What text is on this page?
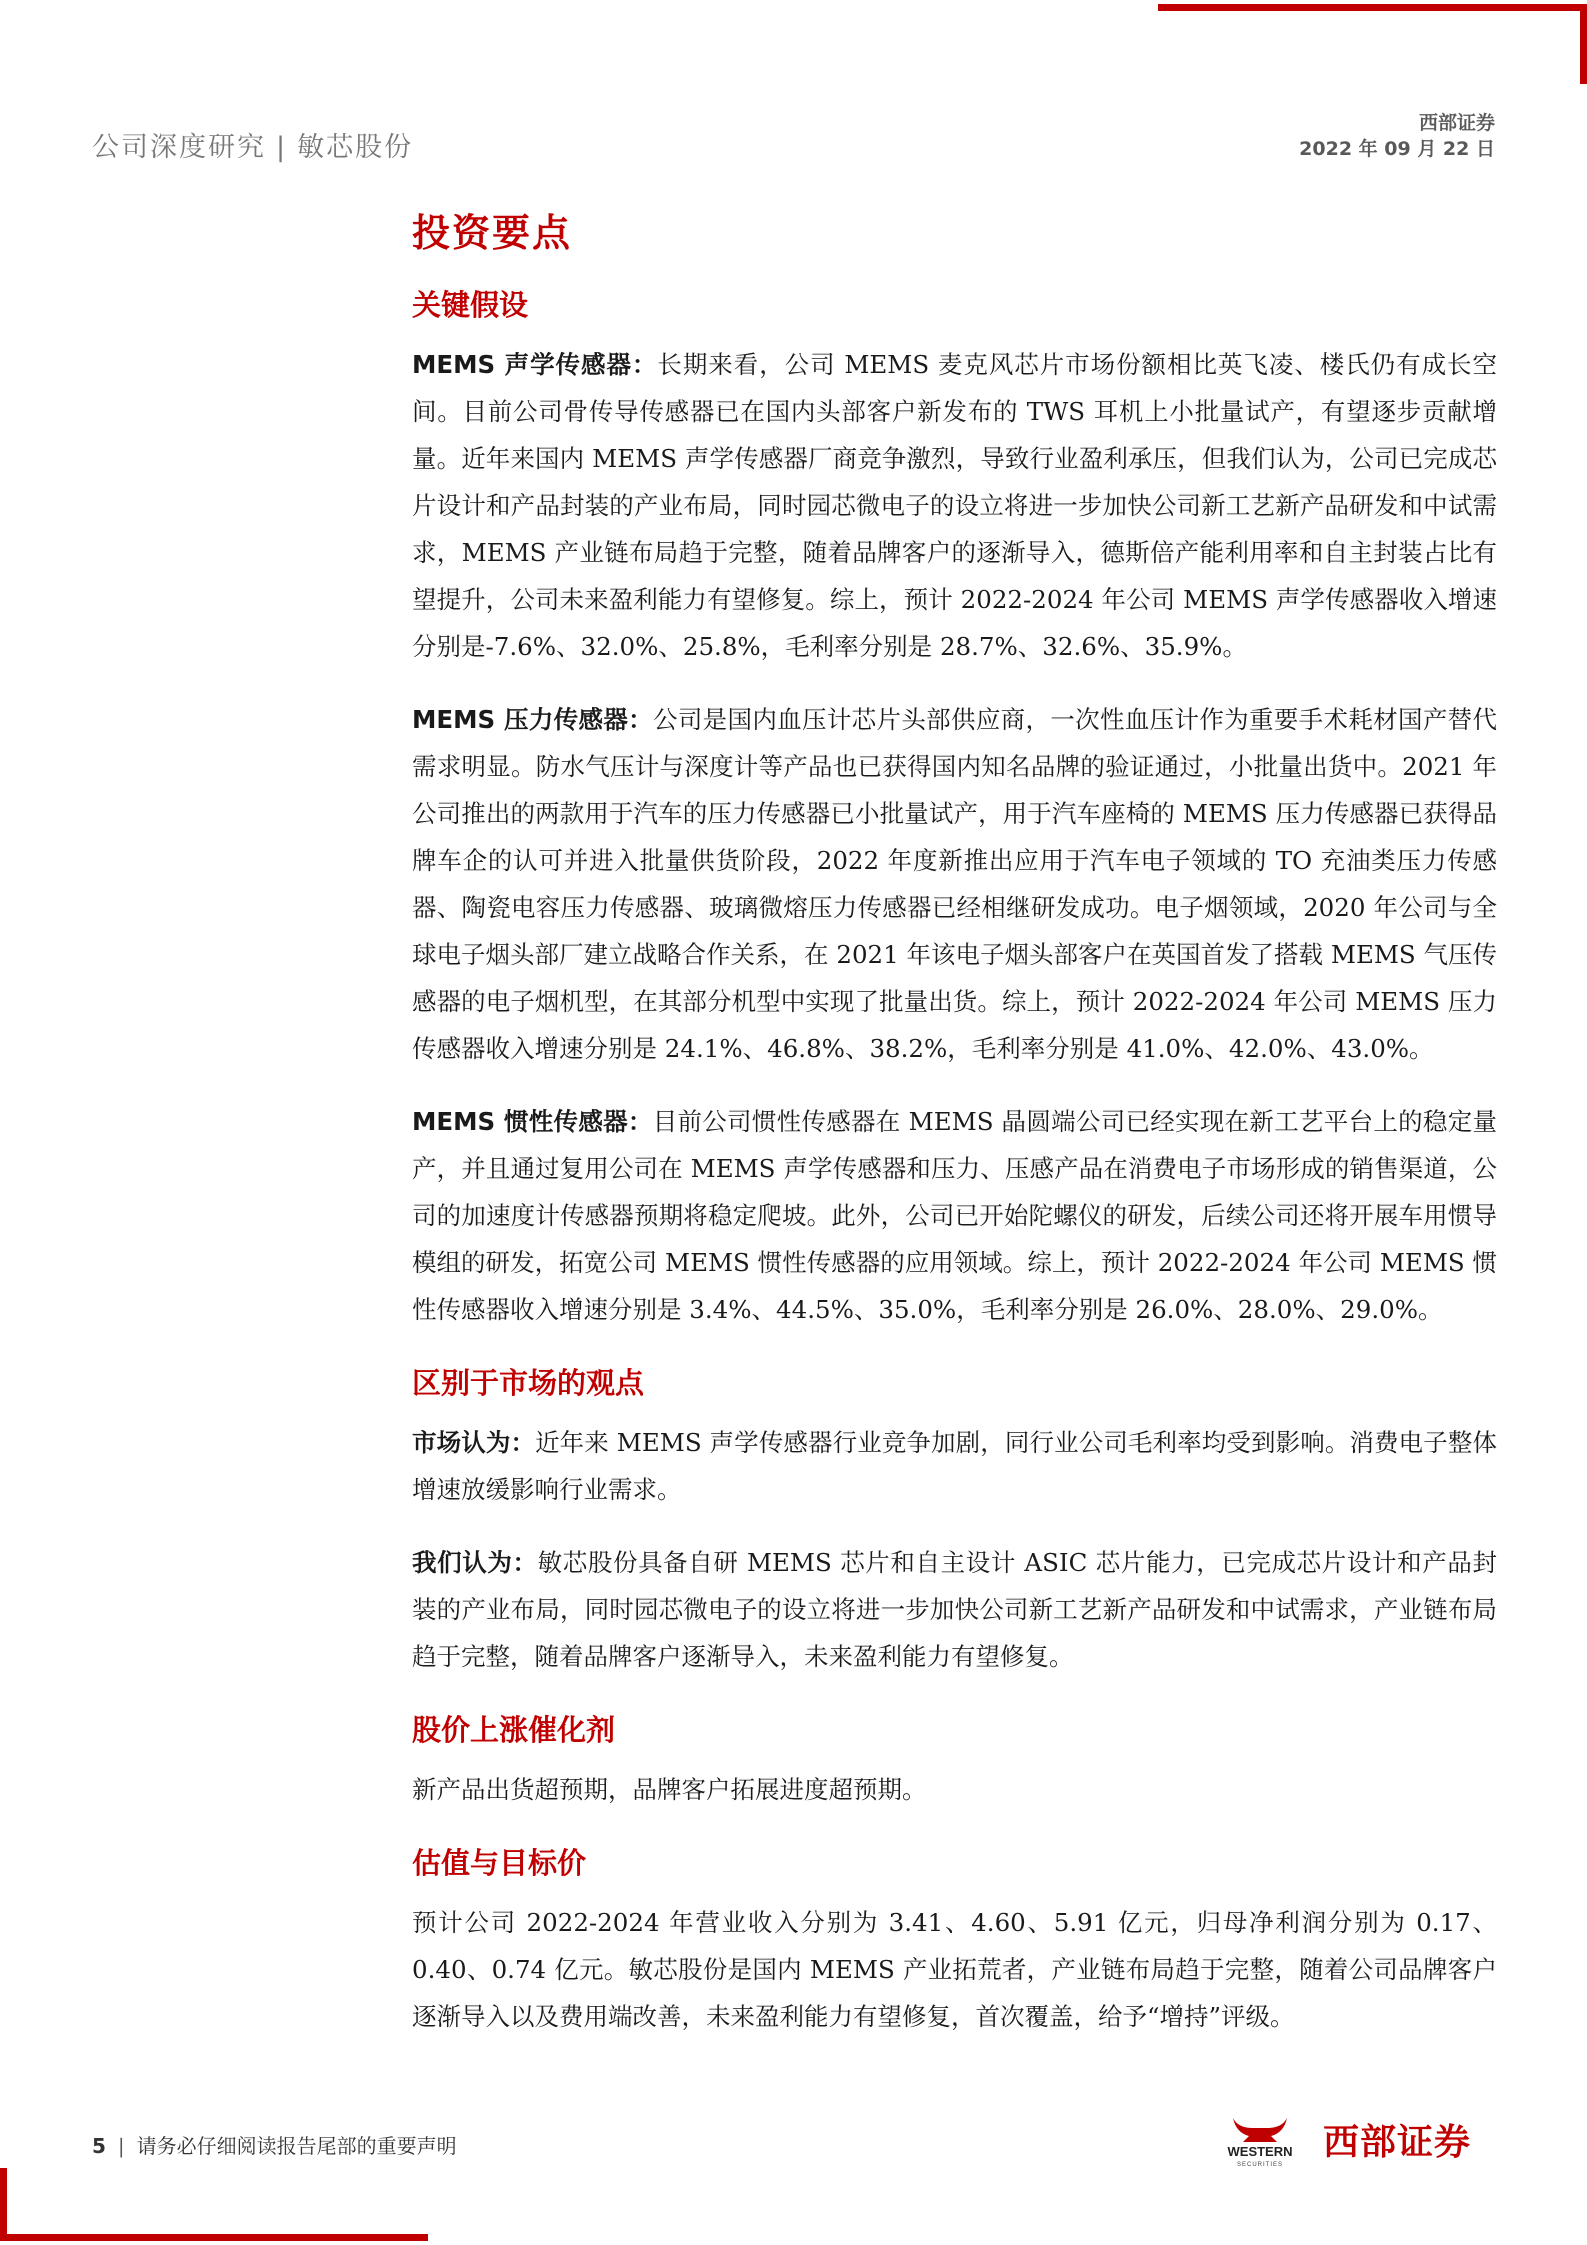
公司深度研究 | 敏芯股份
西部证券
2022 年 09 月 22 日
投资要点
关键假设

MEMS 声学传感器：长期来看，公司 MEMS 麦克风芯片市场份额相比英飞凌、楼氏仍有成长空间。目前公司骨传导传感器已在国内头部客户新发布的 TWS 耳机上小批量试产，有望逐步贡献增量。近年来国内 MEMS 声学传感器厂商竞争激烈，导致行业盈利承压，但我们认为，公司已完成芯片设计和产品封装的产业布局，同时园芯微电子的设立将进一步加快公司新工艺新产品研发和中试需求，MEMS 产业链布局趋于完整，随着品牌客户的逐渐导入，德斯倍产能利用率和自主封装占比有望提升，公司未来盈利能力有望修复。综上，预计 2022-2024 年公司 MEMS 声学传感器收入增速分别是-7.6%、32.0%、25.8%，毛利率分别是 28.7%、32.6%、35.9%。

MEMS 压力传感器：公司是国内血压计芯片头部供应商，一次性血压计作为重要手术耗材国产替代需求明显。防水气压计与深度计等产品也已获得国内知名品牌的验证通过，小批量出货中。2021 年公司推出的两款用于汽车的压力传感器已小批量试产，用于汽车座椅的 MEMS 压力传感器已获得品牌车企的认可并进入批量供货阶段，2022 年度新推出应用于汽车电子领域的 TO 充油类压力传感器、陶瓷电容压力传感器、玻璃微熔压力传感器已经相继研发成功。电子烟领域，2020 年公司与全球电子烟头部厂建立战略合作关系，在 2021 年该电子烟头部客户在英国首发了搭载 MEMS 气压传感器的电子烟机型，在其部分机型中实现了批量出货。综上，预计 2022-2024 年公司 MEMS 压力传感器收入增速分别是 24.1%、46.8%、38.2%，毛利率分别是 41.0%、42.0%、43.0%。

MEMS 惯性传感器：目前公司惯性传感器在 MEMS 晶圆端公司已经实现在新工艺平台上的稳定量产，并且通过复用公司在 MEMS 声学传感器和压力、压感产品在消费电子市场形成的销售渠道，公司的加速度计传感器预期将稳定爬坡。此外，公司已开始陀螺仪的研发，后续公司还将开展车用惯导模组的研发，拓宽公司 MEMS 惯性传感器的应用领域。综上，预计 2022-2024 年公司 MEMS 惯性传感器收入增速分别是 3.4%、44.5%、35.0%，毛利率分别是 26.0%、28.0%、29.0%。

区别于市场的观点

市场认为：近年来 MEMS 声学传感器行业竞争加剧，同行业公司毛利率均受到影响。消费电子整体增速放缓影响行业需求。

我们认为：敏芯股份具备自研 MEMS 芯片和自主设计 ASIC 芯片能力，已完成芯片设计和产品封装的产业布局，同时园芯微电子的设立将进一步加快公司新工艺新产品研发和中试需求，产业链布局趋于完整，随着品牌客户逐渐导入，未来盈利能力有望修复。

股价上涨催化剂

新产品出货超预期，品牌客户拓展进度超预期。

估值与目标价

预计公司 2022-2024 年营业收入分别为 3.41、4.60、5.91 亿元，归母净利润分别为 0.17、0.40、0.74 亿元。敏芯股份是国内 MEMS 产业拓荒者，产业链布局趋于完整，随着公司品牌客户逐渐导入以及费用端改善，未来盈利能力有望修复，首次覆盖，给予“增持”评级。

5 | 请务必仔细阅读报告尾部的重要声明	WESTERN
SECURITIES
西部证券
